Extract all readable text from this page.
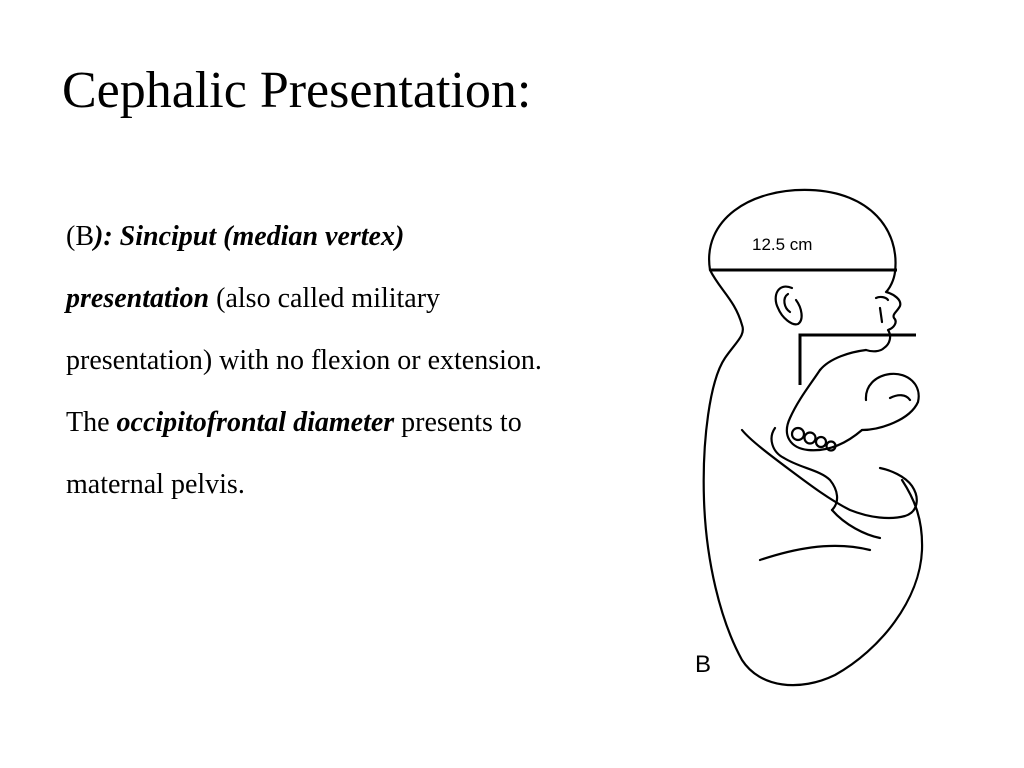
Cephalic Presentation:

(B): Sinciput (median vertex) presentation (also called military presentation) with no flexion or extension. The occipitofrontal diameter presents to maternal pelvis.

12.5 cm
B
